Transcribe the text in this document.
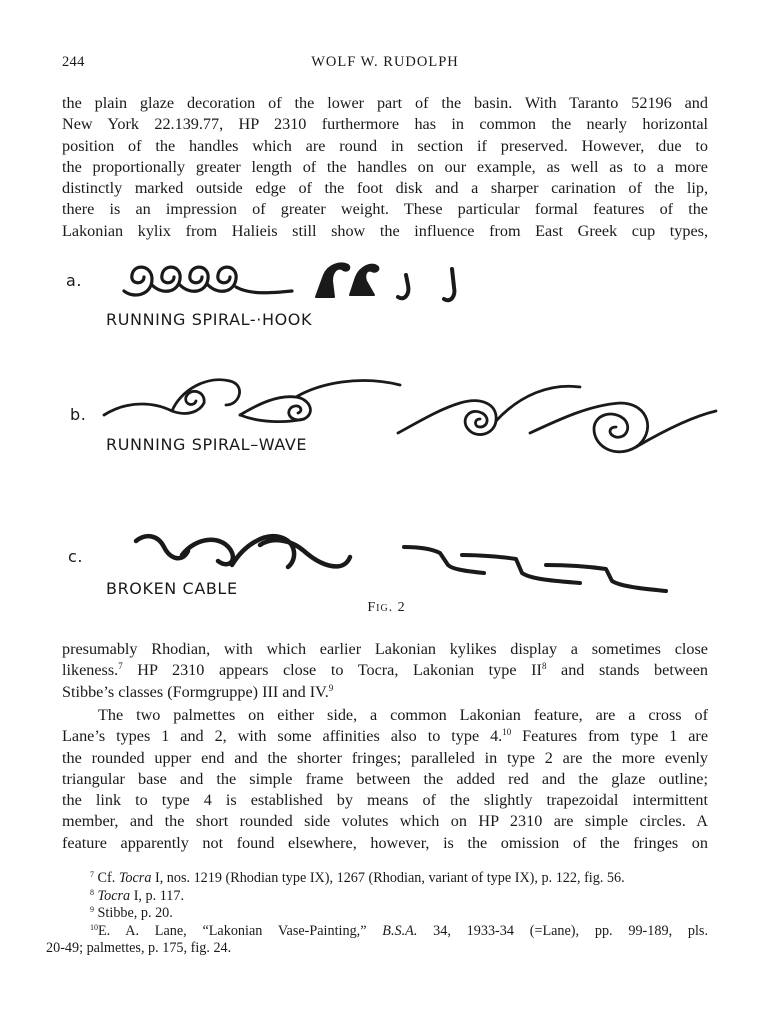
244	WOLF W. RUDOLPH
the plain glaze decoration of the lower part of the basin. With Taranto 52196 and
New York 22.139.77, HP 2310 furthermore has in common the nearly horizontal
position of the handles which are round in section if preserved. However, due to
the proportionally greater length of the handles on our example, as well as to a more
distinctly marked outside edge of the foot disk and a sharper carination of the lip,
there is an impression of greater weight. These particular formal features of the
Lakonian kylix from Halieis still show the influence from East Greek cup types,
a.
RUNNING SPIRAL-·HOOK
b.
RUNNING SPIRAL–WAVE
c.
BROKEN CABLE
Fig. 2
presumably Rhodian, with which earlier Lakonian kylikes display a sometimes close
likeness.$^7$ HP 2310 appears close to Tocra, Lakonian type $II^8$ and stands between
Stibbe’s classes (Formgruppe) III and IV.$^9$
The two palmettes on either side, a common Lakonian feature, are a cross of
Lane’s types 1 and 2, with some affinities also to type 4.10 Features from type 1 are
the rounded upper end and the shorter fringes; paralleled in type 2 are the more evenly
triangular base and the simple frame between the added red and the glaze outline;
the link to type 4 is established by means of the slightly trapezoidal intermittent
member, and the short rounded side volutes which on HP 2310 are simple circles. A
feature apparently not found elsewhere, however, is the omission of the fringes on
$^7$ Cf. Tocra I, nos. 1219 (Rhodian type IX), 1267 (Rhodian, variant of type IX), p. 122, fig. 56.
$^8$ Tocra I, p. 117.
$^9$ Stibbe, p. 20.
$^{10}$E. A. Lane, “Lakonian Vase-Painting,” B.S.A. 34, 1933-34 (=Lane), pp. 99-189, pls.
20-49; palmettes, p. 175, fig. 24.
